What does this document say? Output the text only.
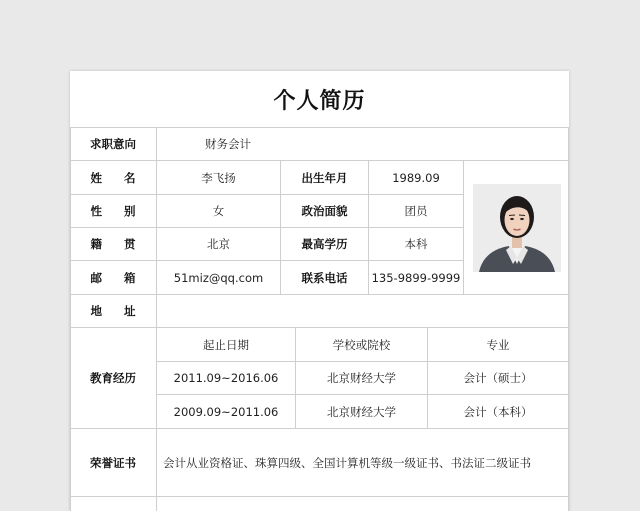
个人简历
求职意向	财务会计
姓 名	李飞扬	出生年月	1989.09
性 别	女	政治面貌	团员
籍 贯	北京	最高学历	本科
邮 箱	51miz@qq.com	联系电话	135-9899-9999
地 址
教育经历
起止日期	学校或院校	专业
2011.09~2016.06	北京财经大学	会计（硕士）
2009.09~2011.06	北京财经大学	会计（本科）
荣誉证书	会计从业资格证、珠算四级、全国计算机等级一级证书、书法证二级证书
